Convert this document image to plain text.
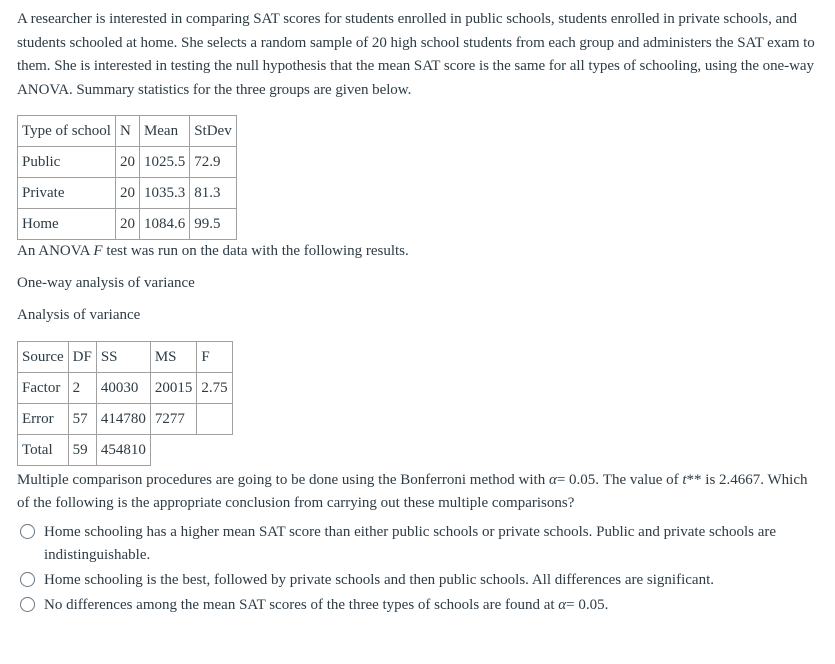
A researcher is interested in comparing SAT scores for students enrolled in public schools, students enrolled in private schools, and students schooled at home. She selects a random sample of 20 high school students from each group and administers the SAT exam to them. She is interested in testing the null hypothesis that the mean SAT score is the same for all types of schooling, using the one-way ANOVA. Summary statistics for the three groups are given below.

Type of school	N	Mean	StDev
Public	20	1025.5	72.9
Private	20	1035.3	81.3
Home	20	1084.6	99.5

An ANOVA F test was run on the data with the following results.

One-way analysis of variance

Analysis of variance

Source	DF	SS	MS	F
Factor	2	40030	20015	2.75
Error	57	414780	7277	
Total	59	454810		

Multiple comparison procedures are going to be done using the Bonferroni method with α= 0.05. The value of t** is 2.4667. Which of the following is the appropriate conclusion from carrying out these multiple comparisons?

Home schooling has a higher mean SAT score than either public schools or private schools. Public and private schools are indistinguishable.
Home schooling is the best, followed by private schools and then public schools. All differences are significant.
No differences among the mean SAT scores of the three types of schools are found at α= 0.05.
